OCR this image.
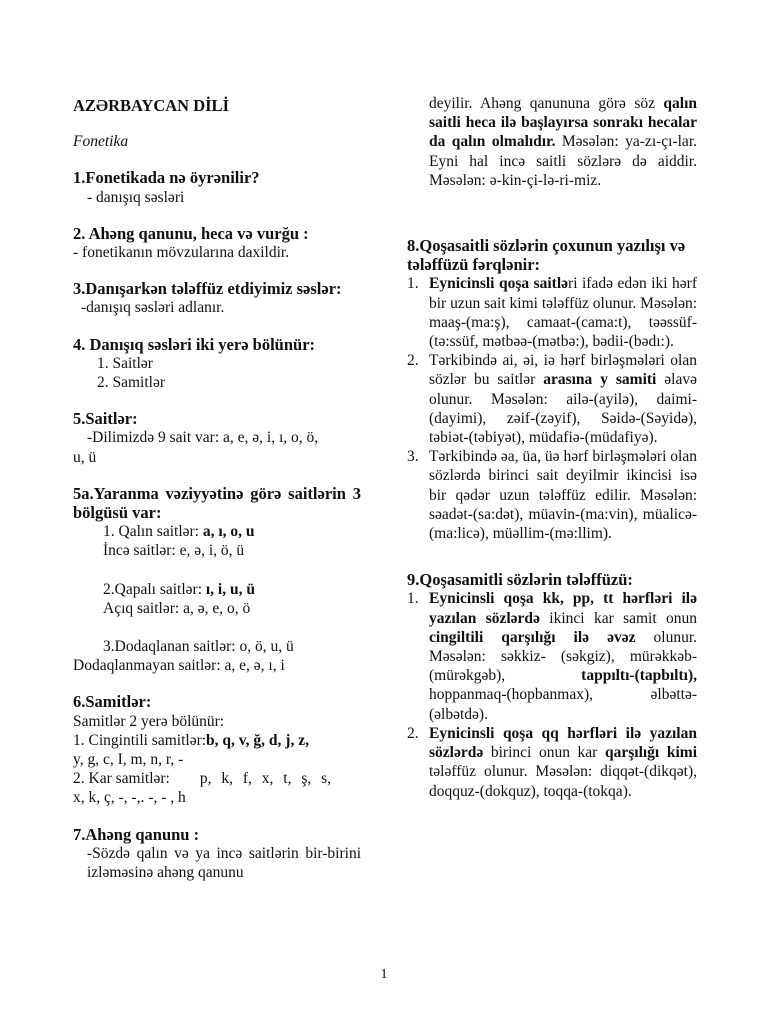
AZƏRBAYCAN DİLİ
Fonetika
1.Fonetikada nə öyrənilir?
- danışıq səsləri
2. Ahəng qanunu, heca və vurğu :
- fonetikanın mövzularına daxildir.
3.Danışarkən tələffüz etdiyimiz səslər:
-danışıq səsləri adlanır.
4. Danışıq səsləri iki yerə bölünür:
1. Saitlər
2. Samitlər
5.Saitlər:
-Dilimizdə 9 sait var: a, e, ə, i, ı, o, ö,
u, ü
5a.Yaranma vəziyyətinə görə saitlərin 3 bölgüsü var:
1. Qalın saitlər: a, ı, o, u
İncə saitlər: e, ə, i, ö, ü
2.Qapalı saitlər: ı, i, u, ü
Açıq saitlər: a, ə, e, o, ö
3.Dodaqlanan saitlər: o, ö, u, ü
Dodaqlanmayan saitlər: a, e, ə, ı, i
6.Samitlər:
Samitlər 2 yerə bölünür:
1. Cingintili samitlər:b, q, v, ğ, d, j, z,
y, g, c, I, m, n, r, -
2. Kar samitlər: p, k, f, x, t, ş, s,
x, k, ç, -, -,. -, - , h
7.Ahəng qanunu :
-Sözdə qalın və ya incə saitlərin bir-birini izləməsinə ahəng qanunu
deyilir. Ahəng qanununa görə söz qalın saitli heca ilə başlayırsa sonrakı hecalar da qalın olmalıdır. Məsələn: ya-zı-çı-lar. Eyni hal incə saitli sözlərə də aiddir. Məsələn: ə-kin-çi-lə-ri-miz.
8.Qoşasaitli sözlərin çoxunun yazılışı və tələffüzü fərqlənir:
1. Eynicinsli qoşa saitləri ifadə edən iki hərf bir uzun sait kimi tələffüz olunur. Məsələn: maaş-(ma:ş), camaat-(cama:t), təəssüf-(tə:ssüf, mətbəə-(mətbə:), bədii-(bədı:).
2. Tərkibində ai, əi, iə hərf birləşmələri olan sözlər bu saitlər arasına y samiti əlavə olunur. Məsələn: ailə-(ayilə), daimi-(dayimi), zəif-(zəyif), Səidə-(Səyidə), təbiət-(təbiyət), müdafiə-(müdafiyə).
3. Tərkibində əa, üa, üə hərf birləşmələri olan sözlərdə birinci sait deyilmir ikincisi isə bir qədər uzun tələffüz edilir. Məsələn: səadət-(sa:dət), müavin-(ma:vin), müalicə-(ma:licə), müəllim-(mə:llim).
9.Qoşasamitli sözlərin tələffüzü:
1. Eynicinsli qoşa kk, pp, tt hərfləri ilə yazılan sözlərdə ikinci kar samit onun cingiltili qarşılığı ilə əvəz olunur. Məsələn: səkkiz- (səkgiz), mürəkkəb-(mürəkgəb),	tappıltı-(tapbıltı), hoppanmaq-(hopbanmax), əlbəttə-(əlbətdə).
2. Eynicinsli qoşa qq hərfləri ilə yazılan sözlərdə birinci onun kar qarşılığı kimi tələffüz olunur. Məsələn: diqqət-(dikqət), doqquz-(dokquz), toqqa-(tokqa).
1
